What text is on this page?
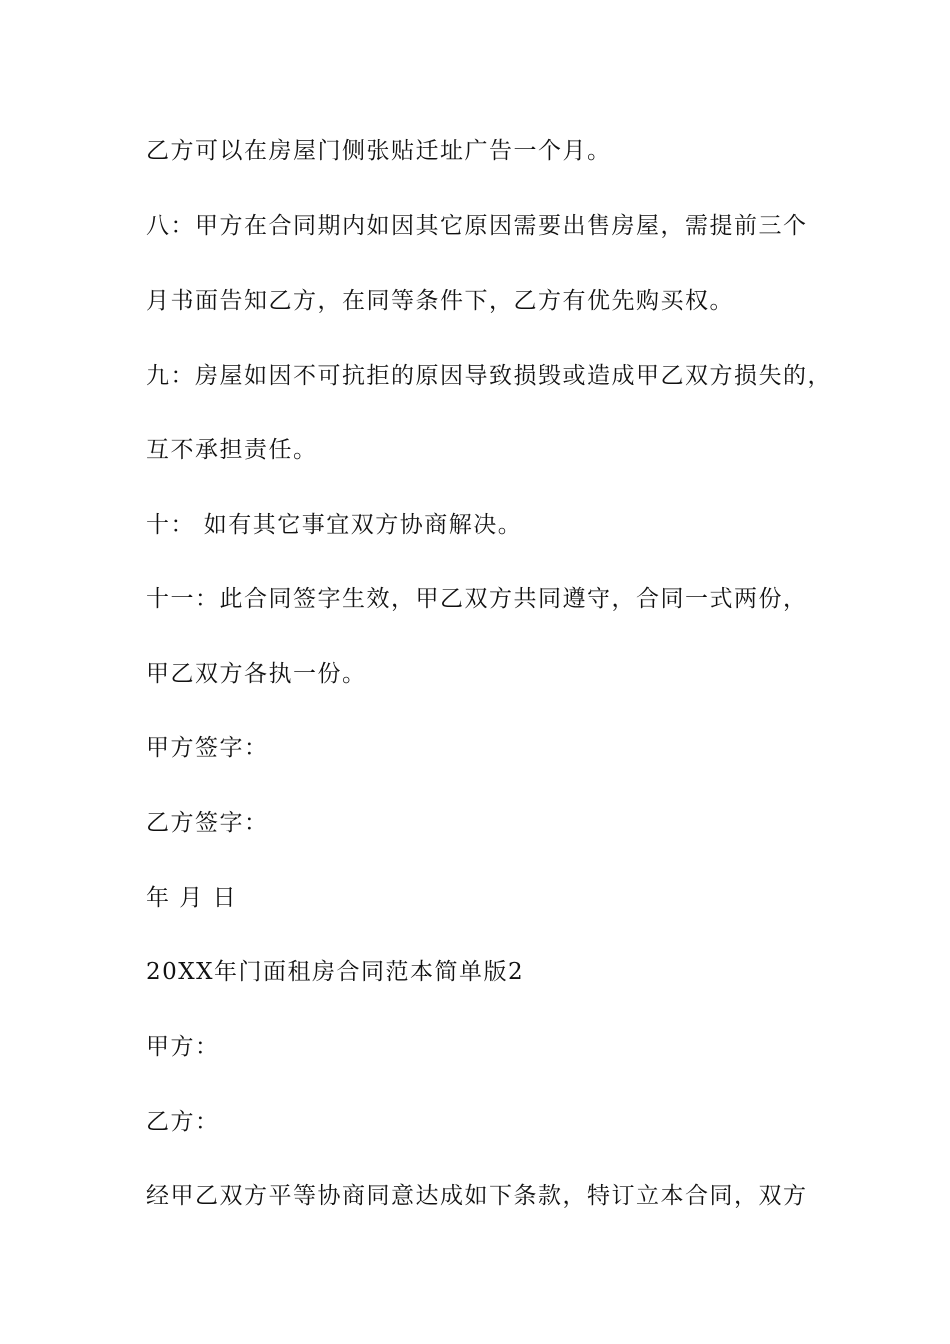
乙方可以在房屋门侧张贴迁址广告一个月。
八：甲方在合同期内如因其它原因需要出售房屋，需提前三个
月书面告知乙方，在同等条件下，乙方有优先购买权。
九：房屋如因不可抗拒的原因导致损毁或造成甲乙双方损失的，
互不承担责任。
十： 如有其它事宜双方协商解决。
十一：此合同签字生效，甲乙双方共同遵守，合同一式两份，
甲乙双方各执一份。
甲方签字：
乙方签字：
年 月 日
20XX年门面租房合同范本简单版2
甲方：
乙方：
经甲乙双方平等协商同意达成如下条款，特订立本合同，双方
